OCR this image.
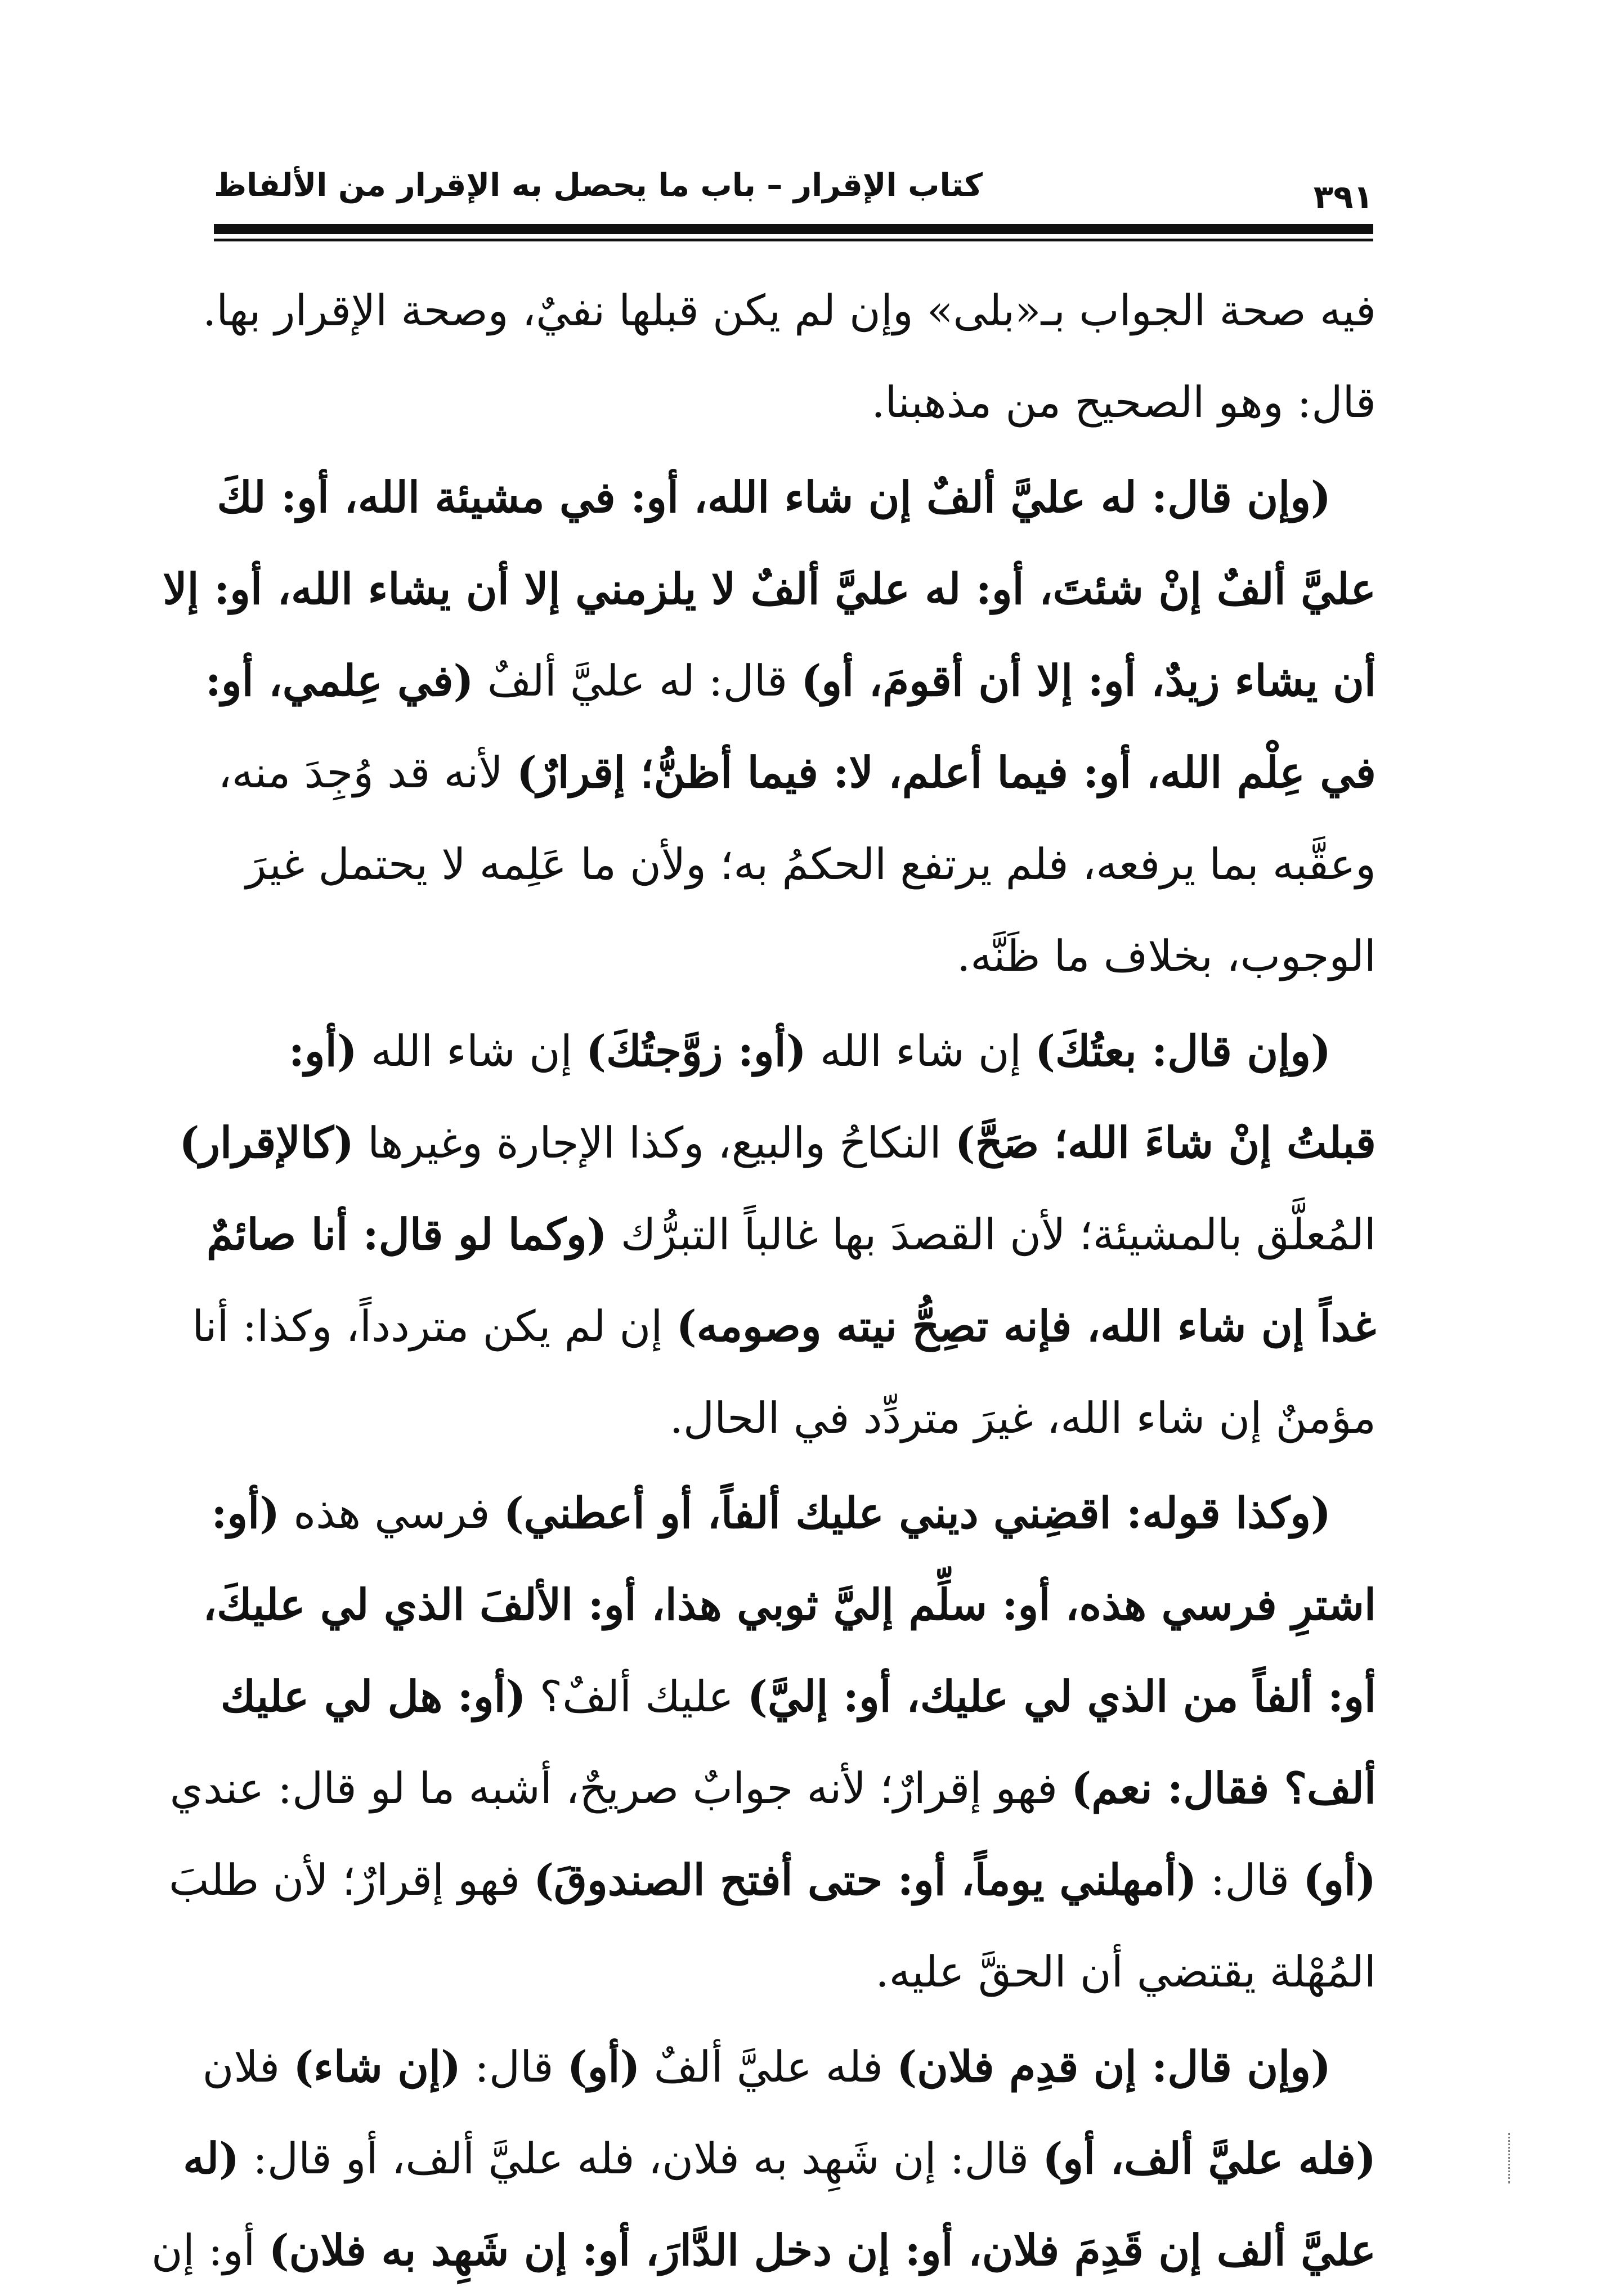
كتاب الإقرار – باب ما يحصل به الإقرار من الألفاظ	٣٩١
فيه صحة الجواب بـ«بلى» وإن لم يكن قبلها نفيٌ، وصحة الإقرار بها.
قال: وهو الصحيح من مذهبنا.
(وإن قال: له عليَّ ألفٌ إن شاء الله، أو: في مشيئة الله، أو: لكَ
عليَّ ألفٌ إنْ شئتَ، أو: له عليَّ ألفٌ لا يلزمني إلا أن يشاء الله، أو: إلا
أن يشاء زيدٌ، أو: إلا أن أقومَ، أو) قال: له عليَّ ألفٌ (في عِلمي، أو:
في عِلْم الله، أو: فيما أعلم، لا: فيما أظنُّ؛ إقرارٌ) لأنه قد وُجِدَ منه،
وعقَّبه بما يرفعه، فلم يرتفع الحكمُ به؛ ولأن ما عَلِمه لا يحتمل غيرَ
الوجوب، بخلاف ما ظَنَّه.
(وإن قال: بعتُكَ) إن شاء الله (أو: زوَّجتُكَ) إن شاء الله (أو:
قبلتُ إنْ شاءَ الله؛ صَحَّ) النكاحُ والبيع، وكذا الإجارة وغيرها (كالإقرار)
المُعلَّق بالمشيئة؛ لأن القصدَ بها غالباً التبرُّك (وكما لو قال: أنا صائمٌ
غداً إن شاء الله، فإنه تصِحُّ نيته وصومه) إن لم يكن متردداً، وكذا: أنا
مؤمنٌ إن شاء الله، غيرَ متردِّد في الحال.
(وكذا قوله: اقضِني ديني عليك ألفاً، أو أعطني) فرسي هذه (أو:
اشترِ فرسي هذه، أو: سلِّم إليَّ ثوبي هذا، أو: الألفَ الذي لي عليكَ،
أو: ألفاً من الذي لي عليك، أو: إليَّ) عليك ألفٌ؟ (أو: هل لي عليك
ألف؟ فقال: نعم) فهو إقرارٌ؛ لأنه جوابٌ صريحٌ، أشبه ما لو قال: عندي
(أو) قال: (أمهلني يوماً، أو: حتى أفتح الصندوقَ) فهو إقرارٌ؛ لأن طلبَ
المُهْلة يقتضي أن الحقَّ عليه.
(وإن قال: إن قدِم فلان) فله عليَّ ألفٌ (أو) قال: (إن شاء) فلان
(فله عليَّ ألف، أو) قال: إن شَهِد به فلان، فله عليَّ ألف، أو قال: (له
عليَّ ألف إن قَدِمَ فلان، أو: إن دخل الدَّارَ، أو: إن شَهِد به فلان) أو: إن
